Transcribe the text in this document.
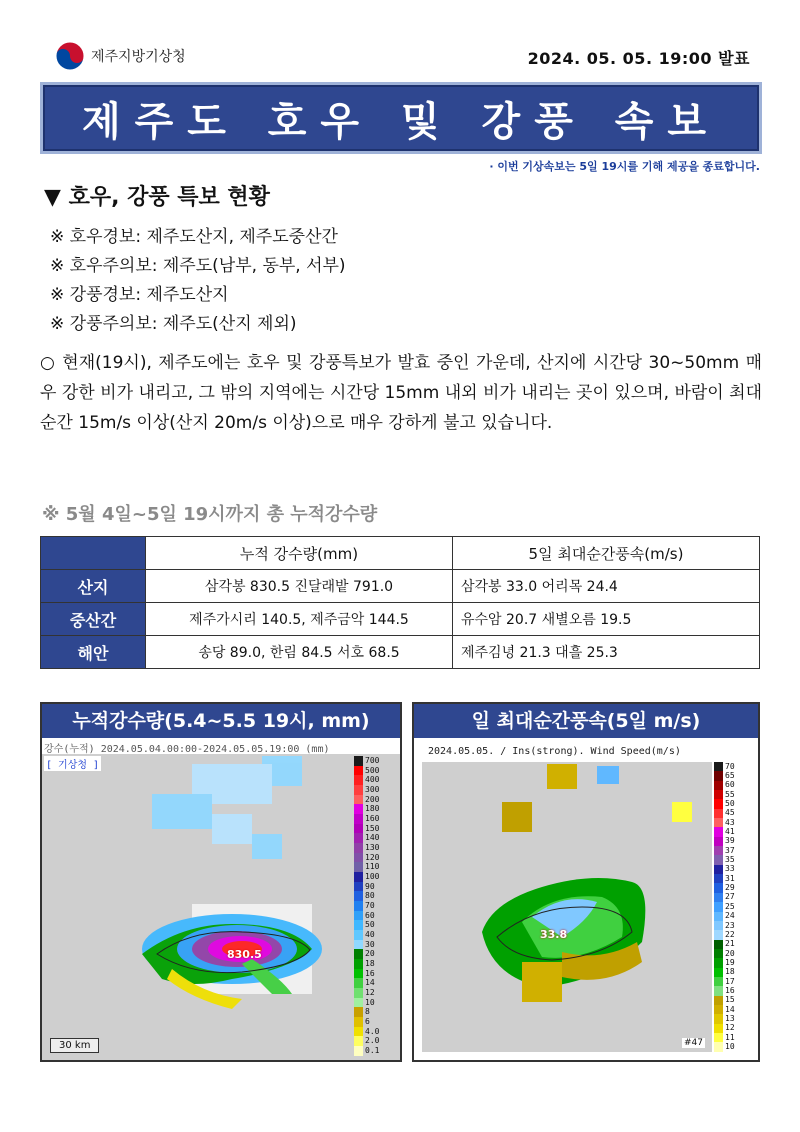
제주지방기상청	2024. 05. 05. 19:00 발표
제주도 호우 및 강풍 속보
· 이번 기상속보는 5일 19시를 기해 제공을 종료합니다.
▼ 호우, 강풍 특보 현황
※ 호우경보: 제주도산지, 제주도중산간
※ 호우주의보: 제주도(남부, 동부, 서부)
※ 강풍경보: 제주도산지
※ 강풍주의보: 제주도(산지 제외)
○ 현재(19시), 제주도에는 호우 및 강풍특보가 발효 중인 가운데, 산지에 시간당 30~50mm 매우 강한 비가 내리고, 그 밖의 지역에는 시간당 15mm 내외 비가 내리는 곳이 있으며, 바람이 최대순간 15m/s 이상(산지 20m/s 이상)으로 매우 강하게 불고 있습니다.
※ 5월 4일~5일 19시까지 총 누적강수량
	누적 강수량(mm)	5일 최대순간풍속(m/s)
산지	삼각봉 830.5 진달래밭 791.0	삼각봉 33.0 어리목 24.4
중산간	제주가시리 140.5, 제주금악 144.5	유수암 20.7 새별오름 19.5
해안	송당 89.0, 한림 84.5 서호 68.5	제주김녕 21.3 대흘 25.3
누적강수량(5.4~5.5 19시, mm)
강수(누적) 2024.05.04.00:00-2024.05.05.19:00 (mm)
[ 기상청 ]
830.5
30 km
700
500
400
300
200
180
160
150
140
130
120
110
100
90
80
70
60
50
40
30
20
18
16
14
12
10
8
6
4.0
2.0
0.1
일 최대순간풍속(5일 m/s)
2024.05.05. / Ins(strong). Wind Speed(m/s)
33.8
#47
70
65
60
55
50
45
43
41
39
37
35
33
31
29
27
25
24
23
22
21
20
19
18
17
16
15
14
13
12
11
10
